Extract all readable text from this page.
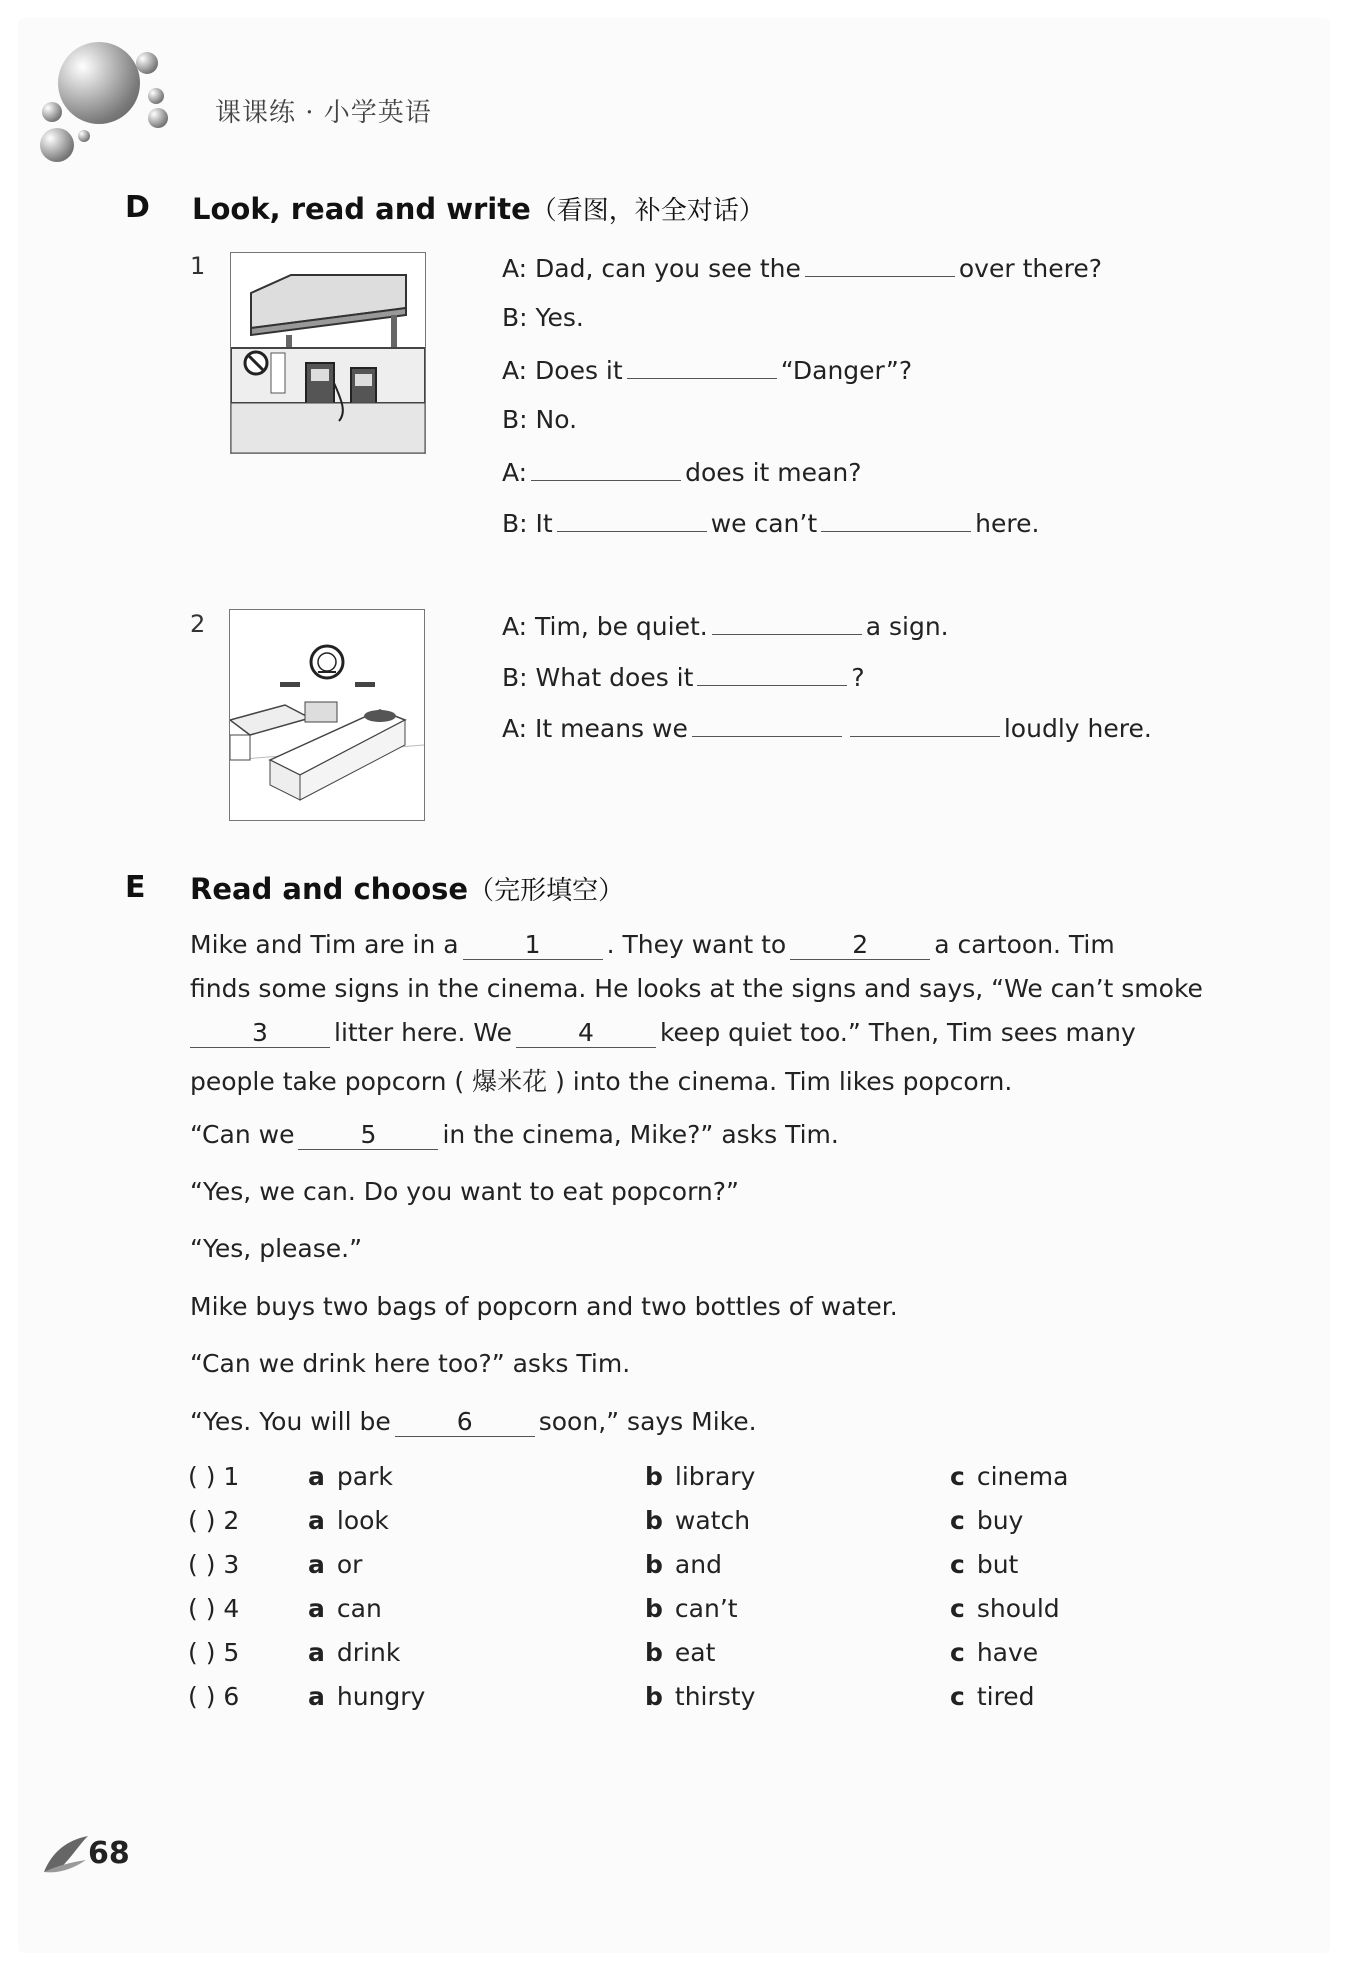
课课练 · 小学英语
D Look, read and write（看图，补全对话）
1	A: Dad, can you see the	over there?
B: Yes.
A: Does it	“Danger”?
B: No.
A:	does it mean?
B: It	we can’t	here.
2	A: Tim, be quiet.	a sign.
B: What does it	?
A: It means we	loudly here.
E Read and choose（完形填空）
Mike and Tim are in a	1	. They want to	2	a cartoon. Tim
finds some signs in the cinema. He looks at the signs and says, “We can’t smoke
3	litter here. We	4	keep quiet too.” Then, Tim sees many
people take popcorn ( 爆米花 ) into the cinema. Tim likes popcorn.
“Can we	5	in the cinema, Mike?” asks Tim.
“Yes, we can. Do you want to eat popcorn?”
“Yes, please.”
Mike buys two bags of popcorn and two bottles of water.
“Can we drink here too?” asks Tim.
“Yes. You will be	6	soon,” says Mike.
( ) 1	a park	b library	c cinema
( ) 2	a look	b watch	c buy
( ) 3	a or	b and	c but
( ) 4	a can	b can’t	c should
( ) 5	a drink	b eat	c have
( ) 6	a hungry	b thirsty	c tired
68
